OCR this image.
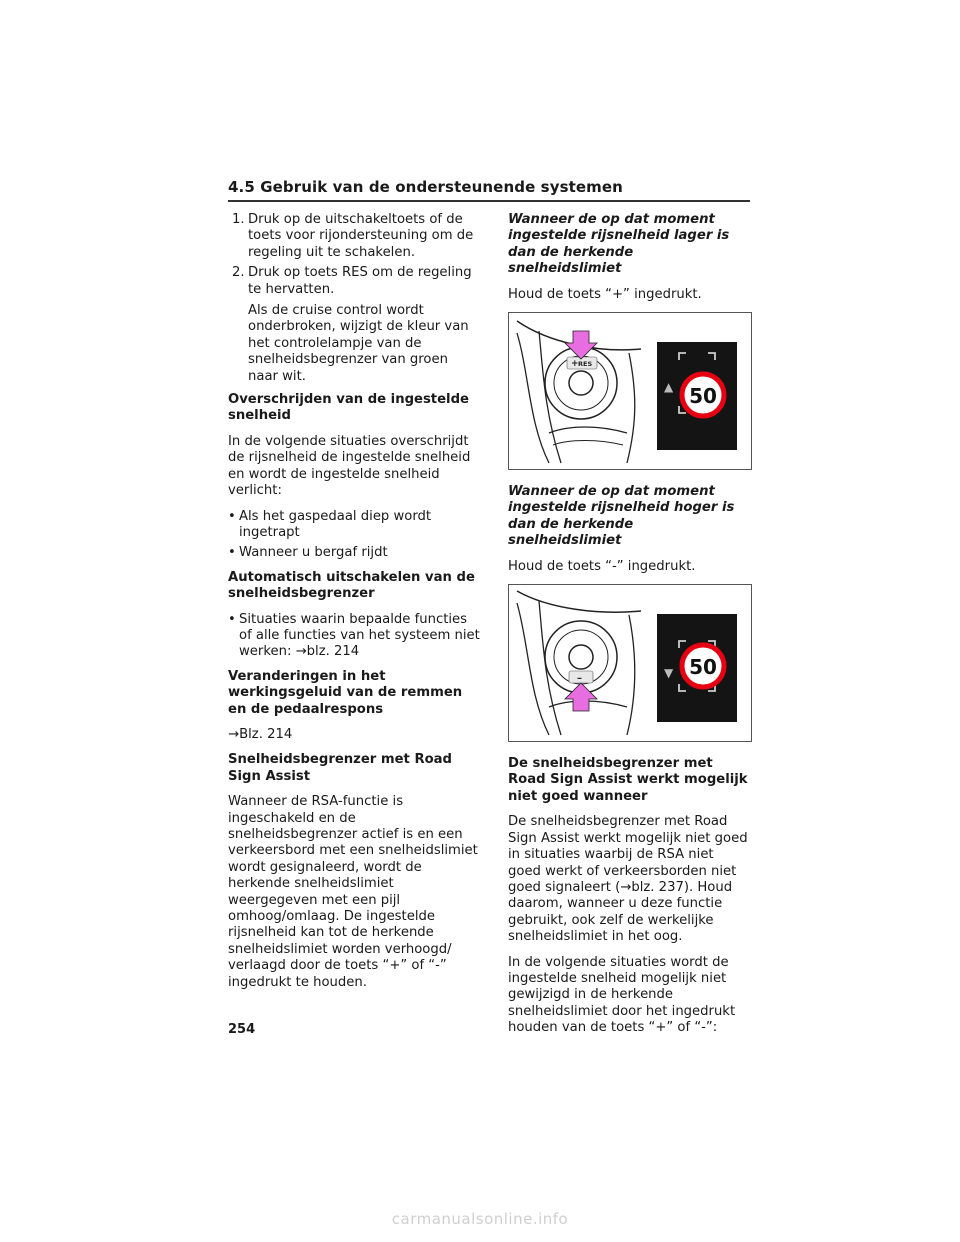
4.5 Gebruik van de ondersteunende systemen
1. Druk op de uitschakeltoets of de toets voor rijondersteuning om de regeling uit te schakelen.
2. Druk op toets RES om de regeling te hervatten.
Als de cruise control wordt onderbroken, wijzigt de kleur van het controlelampje van de snelheidsbegrenzer van groen naar wit.
Overschrijden van de ingestelde snelheid

In de volgende situaties overschrijdt de rijsnelheid de ingestelde snelheid en wordt de ingestelde snelheid verlicht:

• Als het gaspedaal diep wordt ingetrapt
• Wanneer u bergaf rijdt
Automatisch uitschakelen van de snelheidsbegrenzer
• Situaties waarin bepaalde functies of alle functies van het systeem niet werken: →blz. 214
Veranderingen in het werkingsgeluid van de remmen en de pedaalrespons

→Blz. 214

Snelheidsbegrenzer met Road Sign Assist

Wanneer de RSA-functie is ingeschakeld en de snelheidsbegrenzer actief is en een verkeersbord met een snelheidslimiet wordt gesignaleerd, wordt de herkende snelheidslimiet weergegeven met een pijl omhoog/omlaag. De ingestelde rijsnelheid kan tot de herkende snelheidslimiet worden verhoogd/ verlaagd door de toets “+” of “-” ingedrukt te houden.

Wanneer de op dat moment ingestelde rijsnelheid lager is dan de herkende snelheidslimiet

Houd de toets “+” ingedrukt.

+ RES
▲ 50
Wanneer de op dat moment ingestelde rijsnelheid hoger is dan de herkende snelheidslimiet

Houd de toets “-” ingedrukt.

–	▼ 50
De snelheidsbegrenzer met Road Sign Assist werkt mogelijk niet goed wanneer

De snelheidsbegrenzer met Road Sign Assist werkt mogelijk niet goed in situaties waarbij de RSA niet goed werkt of verkeersborden niet goed signaleert (→blz. 237). Houd daarom, wanneer u deze functie gebruikt, ook zelf de werkelijke snelheidslimiet in het oog.

In de volgende situaties wordt de ingestelde snelheid mogelijk niet gewijzigd in de herkende snelheidslimiet door het ingedrukt houden van de toets “+” of “-”:

254
carmanualsonline.info
